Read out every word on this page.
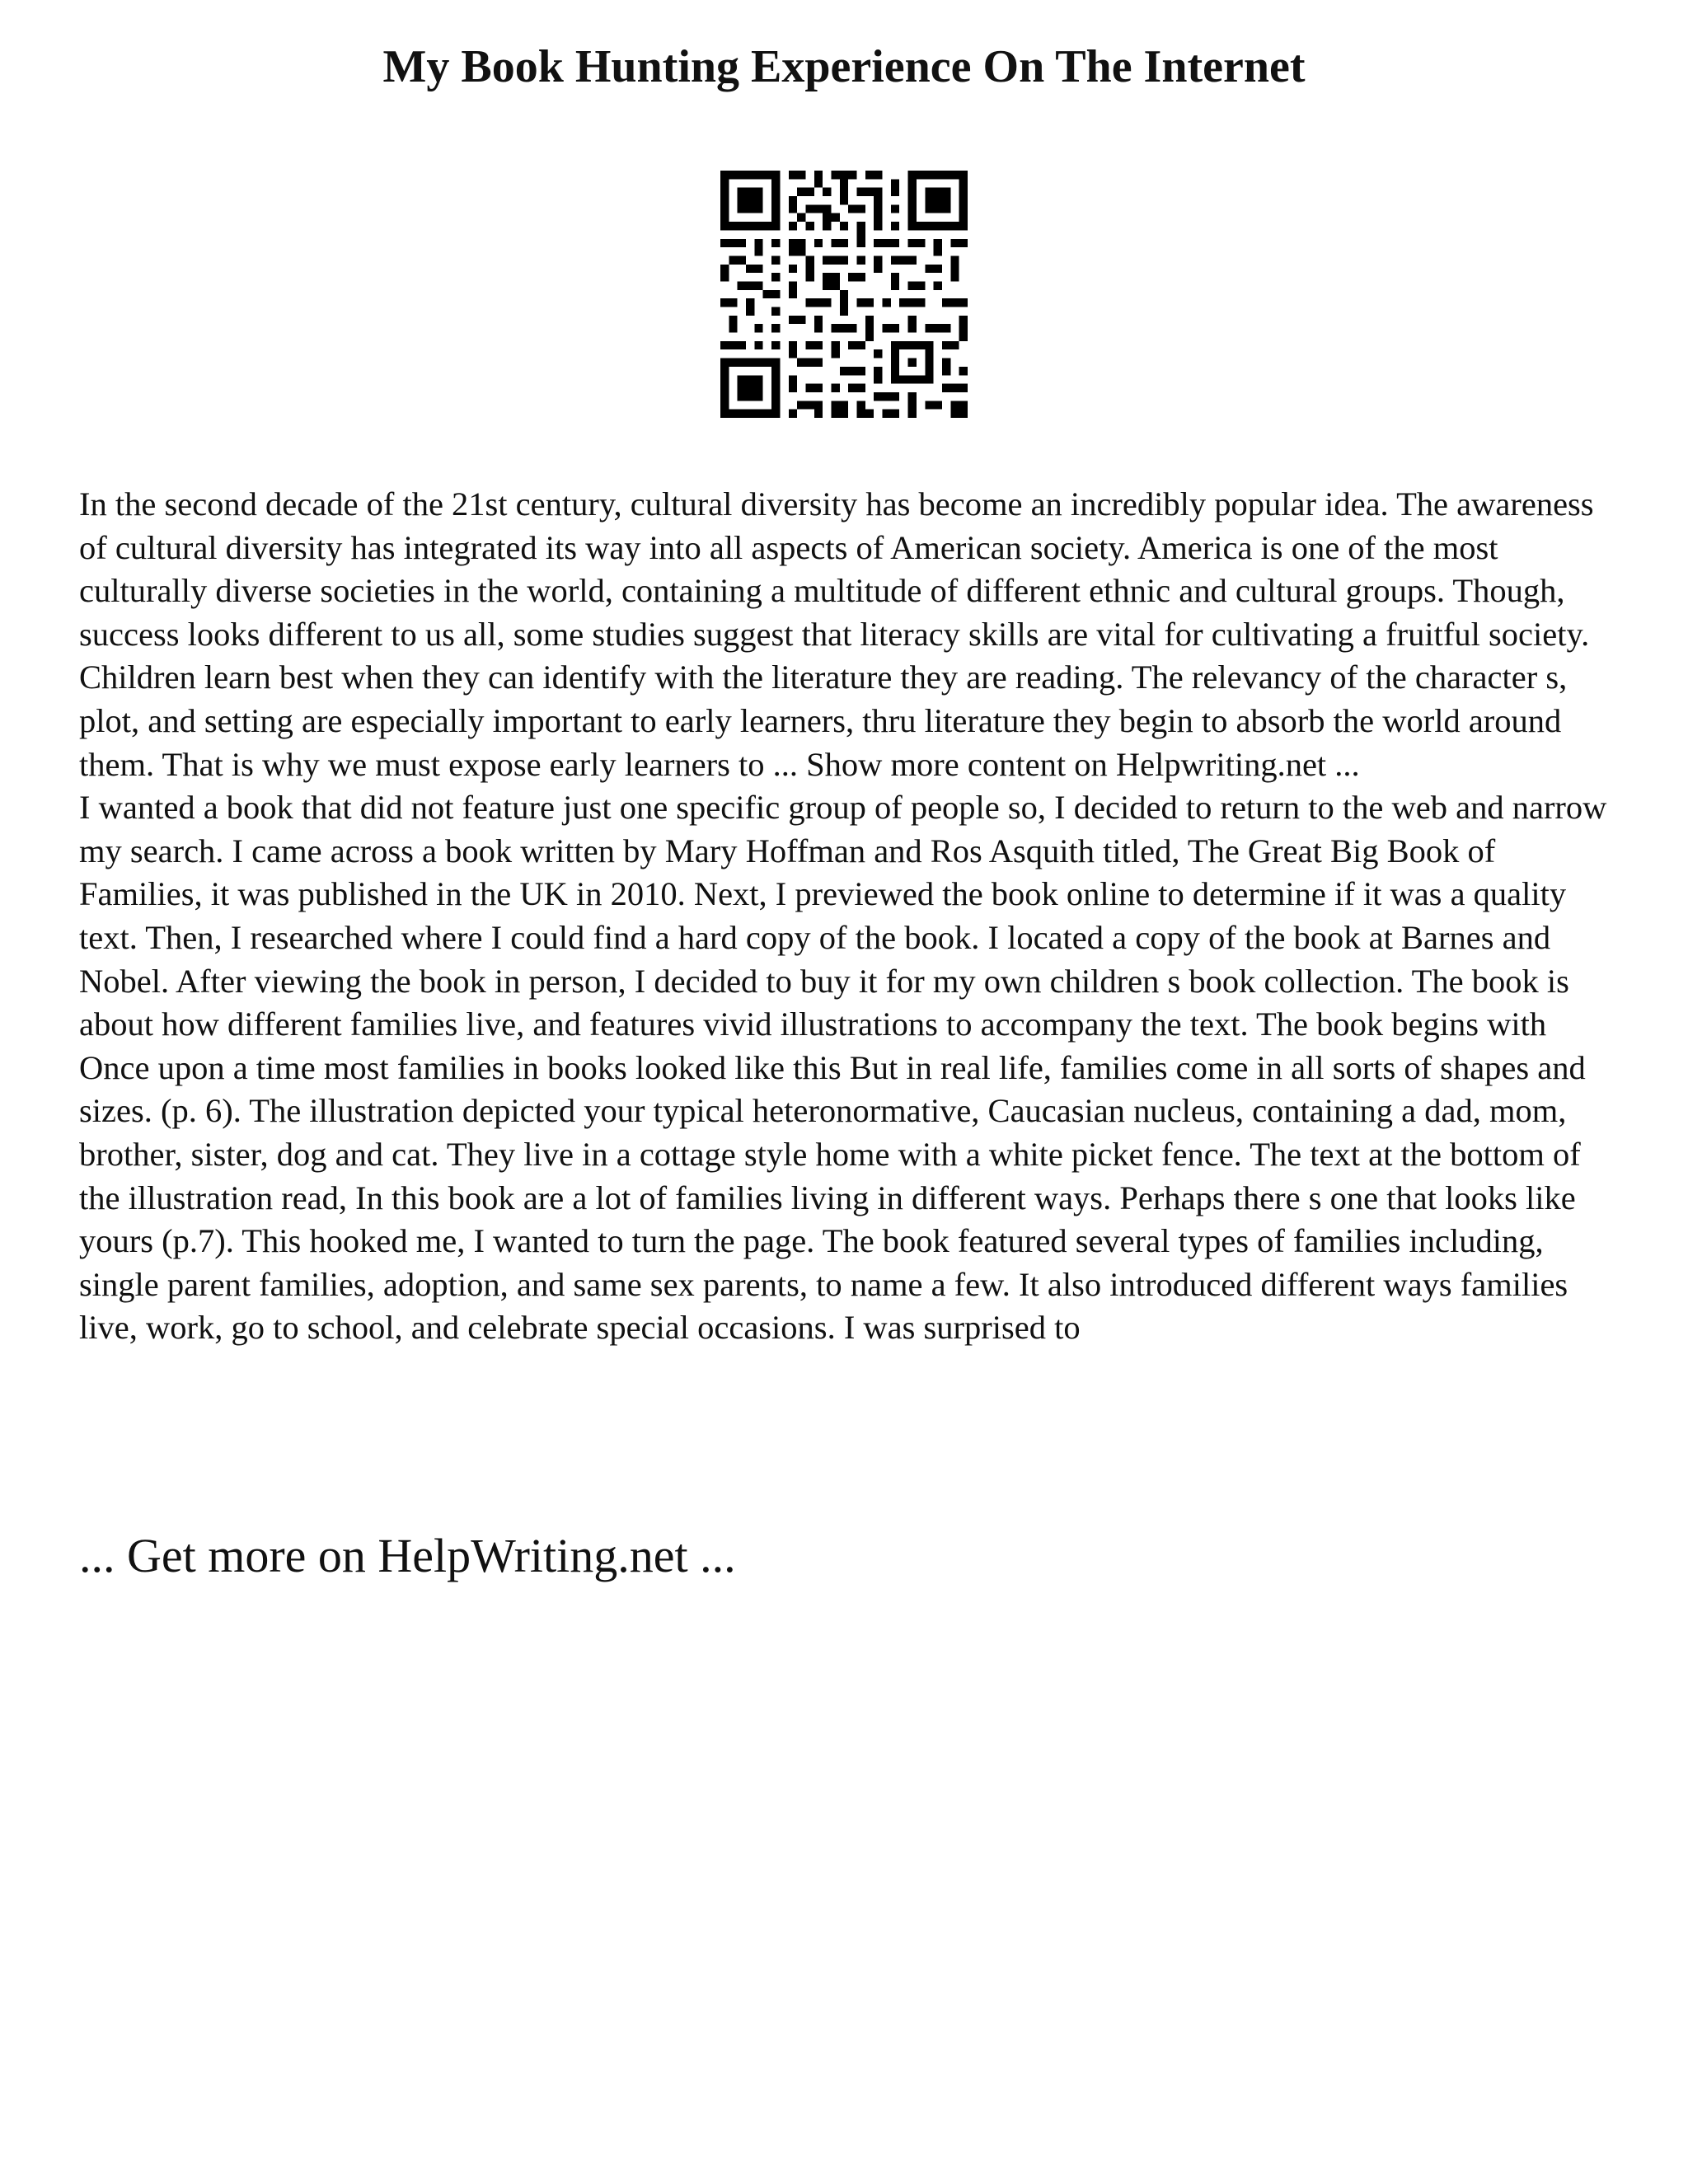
My Book Hunting Experience On The Internet

In the second decade of the 21st century, cultural diversity has become an incredibly popular idea. The awareness of cultural diversity has integrated its way into all aspects of American society. America is one of the most culturally diverse societies in the world, containing a multitude of different ethnic and cultural groups. Though, success looks different to us all, some studies suggest that literacy skills are vital for cultivating a fruitful society. Children learn best when they can identify with the literature they are reading. The relevancy of the character s, plot, and setting are especially important to early learners, thru literature they begin to absorb the world around them. That is why we must expose early learners to ... Show more content on Helpwriting.net ...

I wanted a book that did not feature just one specific group of people so, I decided to return to the web and narrow my search. I came across a book written by Mary Hoffman and Ros Asquith titled, The Great Big Book of Families, it was published in the UK in 2010. Next, I previewed the book online to determine if it was a quality text. Then, I researched where I could find a hard copy of the book. I located a copy of the book at Barnes and Nobel. After viewing the book in person, I decided to buy it for my own children s book collection. The book is about how different families live, and features vivid illustrations to accompany the text. The book begins with Once upon a time most families in books looked like this But in real life, families come in all sorts of shapes and sizes. (p. 6). The illustration depicted your typical heteronormative, Caucasian nucleus, containing a dad, mom, brother, sister, dog and cat. They live in a cottage style home with a white picket fence. The text at the bottom of the illustration read, In this book are a lot of families living in different ways. Perhaps there s one that looks like yours (p.7). This hooked me, I wanted to turn the page. The book featured several types of families including, single parent families, adoption, and same sex parents, to name a few. It also introduced different ways families live, work, go to school, and celebrate special occasions. I was surprised to

... Get more on HelpWriting.net ...
